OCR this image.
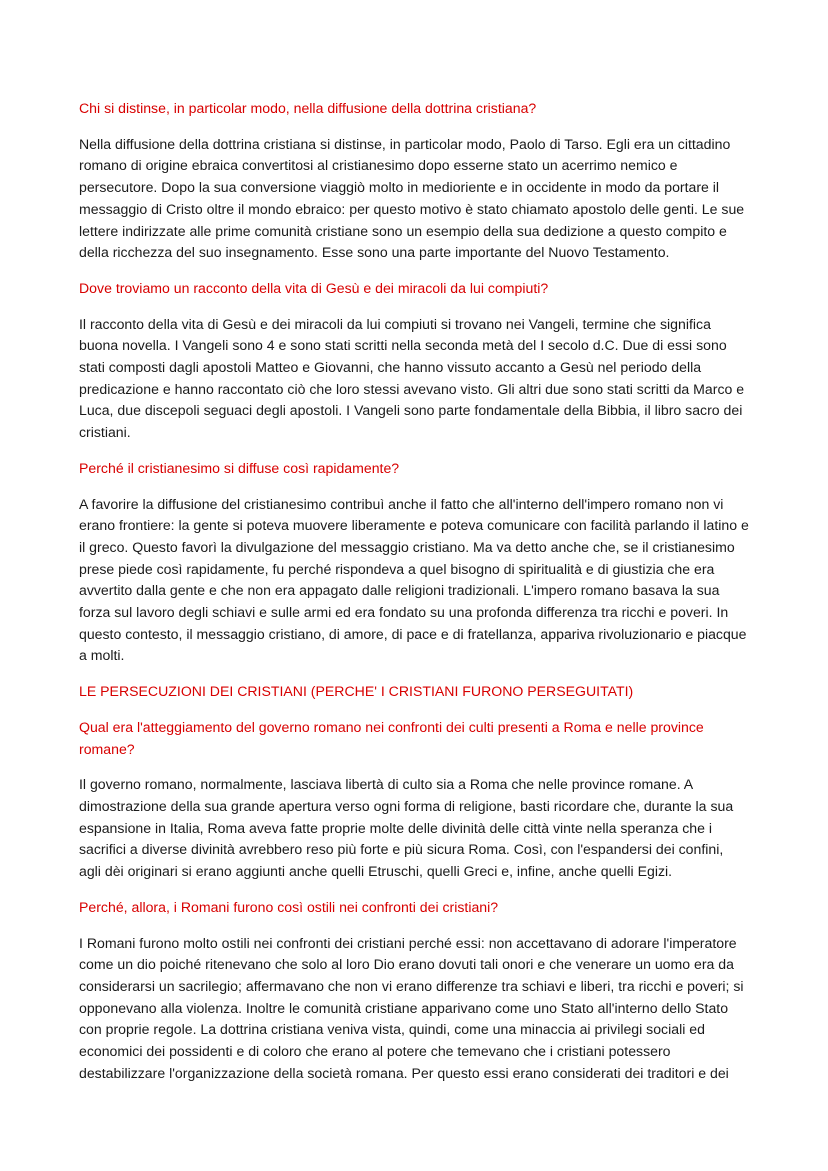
Chi si distinse, in particolar modo, nella diffusione della dottrina cristiana?
Nella diffusione della dottrina cristiana si distinse, in particolar modo, Paolo di Tarso. Egli era un cittadino romano di origine ebraica convertitosi al cristianesimo dopo esserne stato un acerrimo nemico e persecutore. Dopo la sua conversione viaggiò molto in medioriente e in occidente in modo da portare il messaggio di Cristo oltre il mondo ebraico: per questo motivo è stato chiamato apostolo delle genti. Le sue lettere indirizzate alle prime comunità cristiane sono un esempio della sua dedizione a questo compito e della ricchezza del suo insegnamento. Esse sono una parte importante del Nuovo Testamento.
Dove troviamo un racconto della vita di Gesù e dei miracoli da lui compiuti?
Il racconto della vita di Gesù e dei miracoli da lui compiuti si trovano nei Vangeli, termine che significa buona novella. I Vangeli sono 4 e sono stati scritti nella seconda metà del I secolo d.C. Due di essi sono stati composti dagli apostoli Matteo e Giovanni, che hanno vissuto accanto a Gesù nel periodo della predicazione e hanno raccontato ciò che loro stessi avevano visto. Gli altri due sono stati scritti da Marco e Luca, due discepoli seguaci degli apostoli. I Vangeli sono parte fondamentale della Bibbia, il libro sacro dei cristiani.
Perché il cristianesimo si diffuse così rapidamente?
A favorire la diffusione del cristianesimo contribuì anche il fatto che all'interno dell'impero romano non vi erano frontiere: la gente si poteva muovere liberamente e poteva comunicare con facilità parlando il latino e il greco. Questo favorì la divulgazione del messaggio cristiano. Ma va detto anche che, se il cristianesimo prese piede così rapidamente, fu perché rispondeva a quel bisogno di spiritualità e di giustizia che era avvertito dalla gente e che non era appagato dalle religioni tradizionali. L'impero romano basava la sua forza sul lavoro degli schiavi e sulle armi ed era fondato su una profonda differenza tra ricchi e poveri. In questo contesto, il messaggio cristiano, di amore, di pace e di fratellanza, appariva rivoluzionario e piacque a molti.
LE PERSECUZIONI DEI CRISTIANI (PERCHE' I CRISTIANI FURONO PERSEGUITATI)
Qual era l'atteggiamento del governo romano nei confronti dei culti presenti a Roma e nelle province romane?
Il governo romano, normalmente, lasciava libertà di culto sia a Roma che nelle province romane. A dimostrazione della sua grande apertura verso ogni forma di religione, basti ricordare che, durante la sua espansione in Italia, Roma aveva fatte proprie molte delle divinità delle città vinte nella speranza che i sacrifici a diverse divinità avrebbero reso più forte e più sicura Roma. Così, con l'espandersi dei confini, agli dèi originari si erano aggiunti anche quelli Etruschi, quelli Greci e, infine, anche quelli Egizi.
Perché, allora, i Romani furono così ostili nei confronti dei cristiani?
I Romani furono molto ostili nei confronti dei cristiani perché essi: non accettavano di adorare l'imperatore come un dio poiché ritenevano che solo al loro Dio erano dovuti tali onori e che venerare un uomo era da considerarsi un sacrilegio; affermavano che non vi erano differenze tra schiavi e liberi, tra ricchi e poveri; si opponevano alla violenza. Inoltre le comunità cristiane apparivano come uno Stato all'interno dello Stato con proprie regole. La dottrina cristiana veniva vista, quindi, come una minaccia ai privilegi sociali ed economici dei possidenti e di coloro che erano al potere che temevano che i cristiani potessero destabilizzare l'organizzazione della società romana. Per questo essi erano considerati dei traditori e dei
